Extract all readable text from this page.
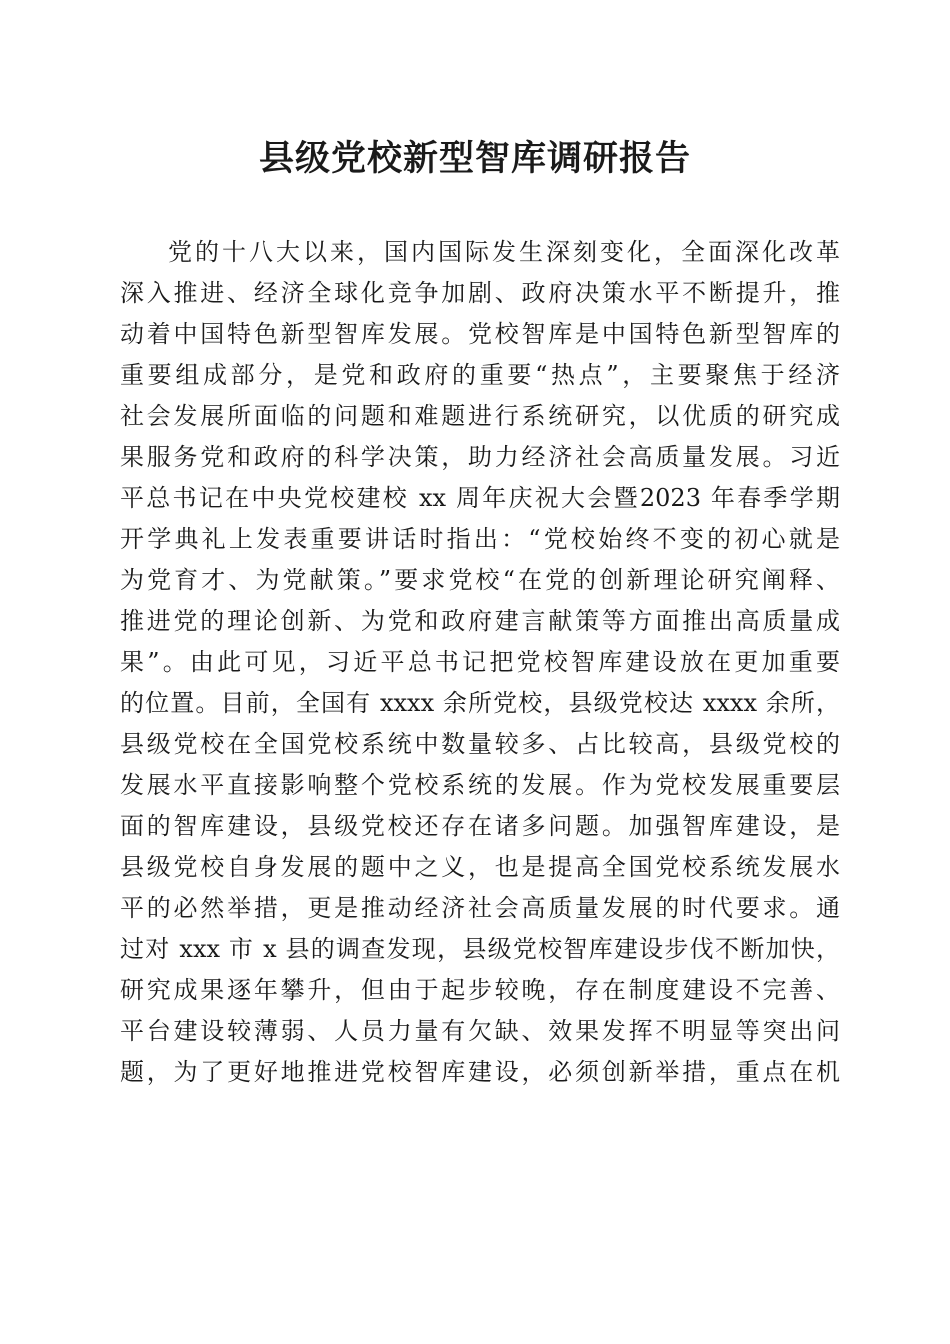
县级党校新型智库调研报告
党的十八大以来，国内国际发生深刻变化，全面深化改革
深入推进、经济全球化竞争加剧、政府决策水平不断提升，推
动着中国特色新型智库发展。党校智库是中国特色新型智库的
重要组成部分，是党和政府的重要“热点”，主要聚焦于经济
社会发展所面临的问题和难题进行系统研究，以优质的研究成
果服务党和政府的科学决策，助力经济社会高质量发展。习近
平总书记在中央党校建校 xx 周年庆祝大会暨2023 年春季学期
开学典礼上发表重要讲话时指出：“党校始终不变的初心就是
为党育才、为党献策。”要求党校“在党的创新理论研究阐释、
推进党的理论创新、为党和政府建言献策等方面推出高质量成
果”。由此可见，习近平总书记把党校智库建设放在更加重要
的位置。目前，全国有 xxxx 余所党校，县级党校达 xxxx 余所，
县级党校在全国党校系统中数量较多、占比较高，县级党校的
发展水平直接影响整个党校系统的发展。作为党校发展重要层
面的智库建设，县级党校还存在诸多问题。加强智库建设，是
县级党校自身发展的题中之义，也是提高全国党校系统发展水
平的必然举措，更是推动经济社会高质量发展的时代要求。通
过对 xxx 市 x 县的调查发现，县级党校智库建设步伐不断加快，
研究成果逐年攀升，但由于起步较晚，存在制度建设不完善、
平台建设较薄弱、人员力量有欠缺、效果发挥不明显等突出问
题，为了更好地推进党校智库建设，必须创新举措，重点在机
